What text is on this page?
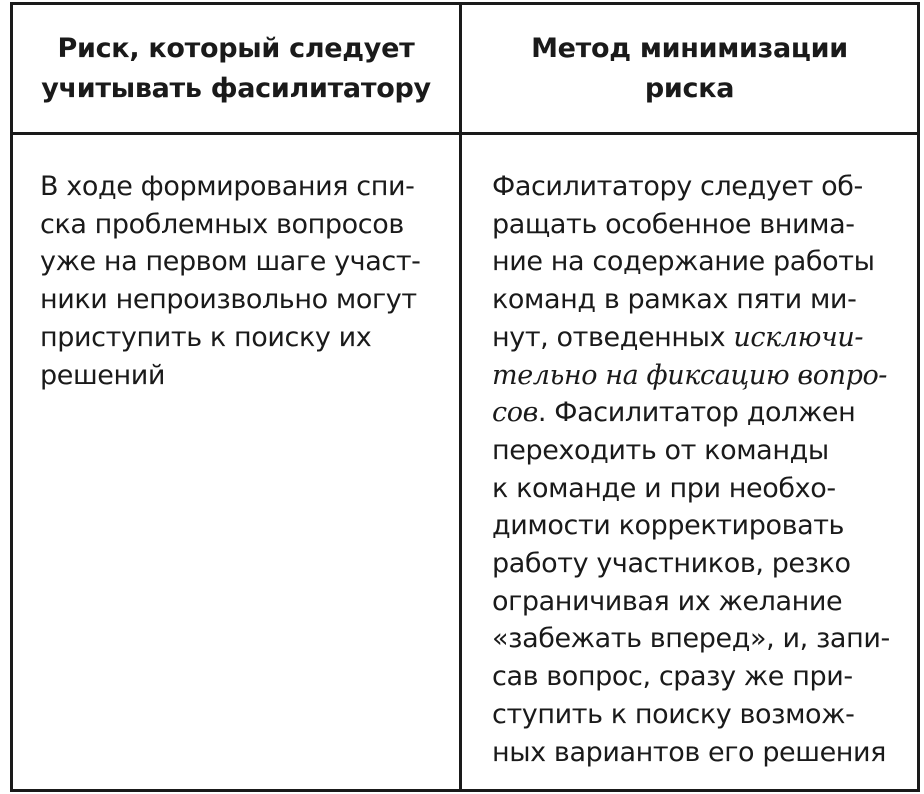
Риск, который следует
учитывать фасилитатору
Метод минимизации
риска
В ходе формирования спи-
ска проблемных вопросов
уже на первом шаге участ-
ники непроизвольно могут
приступить к поиску их
решений
Фасилитатору следует об-
ращать особенное внима-
ние на содержание работы
команд в рамках пяти ми-
нут, отведенных исключи-
тельно на фиксацию вопро-
сов. Фасилитатор должен
переходить от команды
к команде и при необхо-
димости корректировать
работу участников, резко
ограничивая их желание
«забежать вперед», и, запи-
сав вопрос, сразу же при-
ступить к поиску возмож-
ных вариантов его решения
